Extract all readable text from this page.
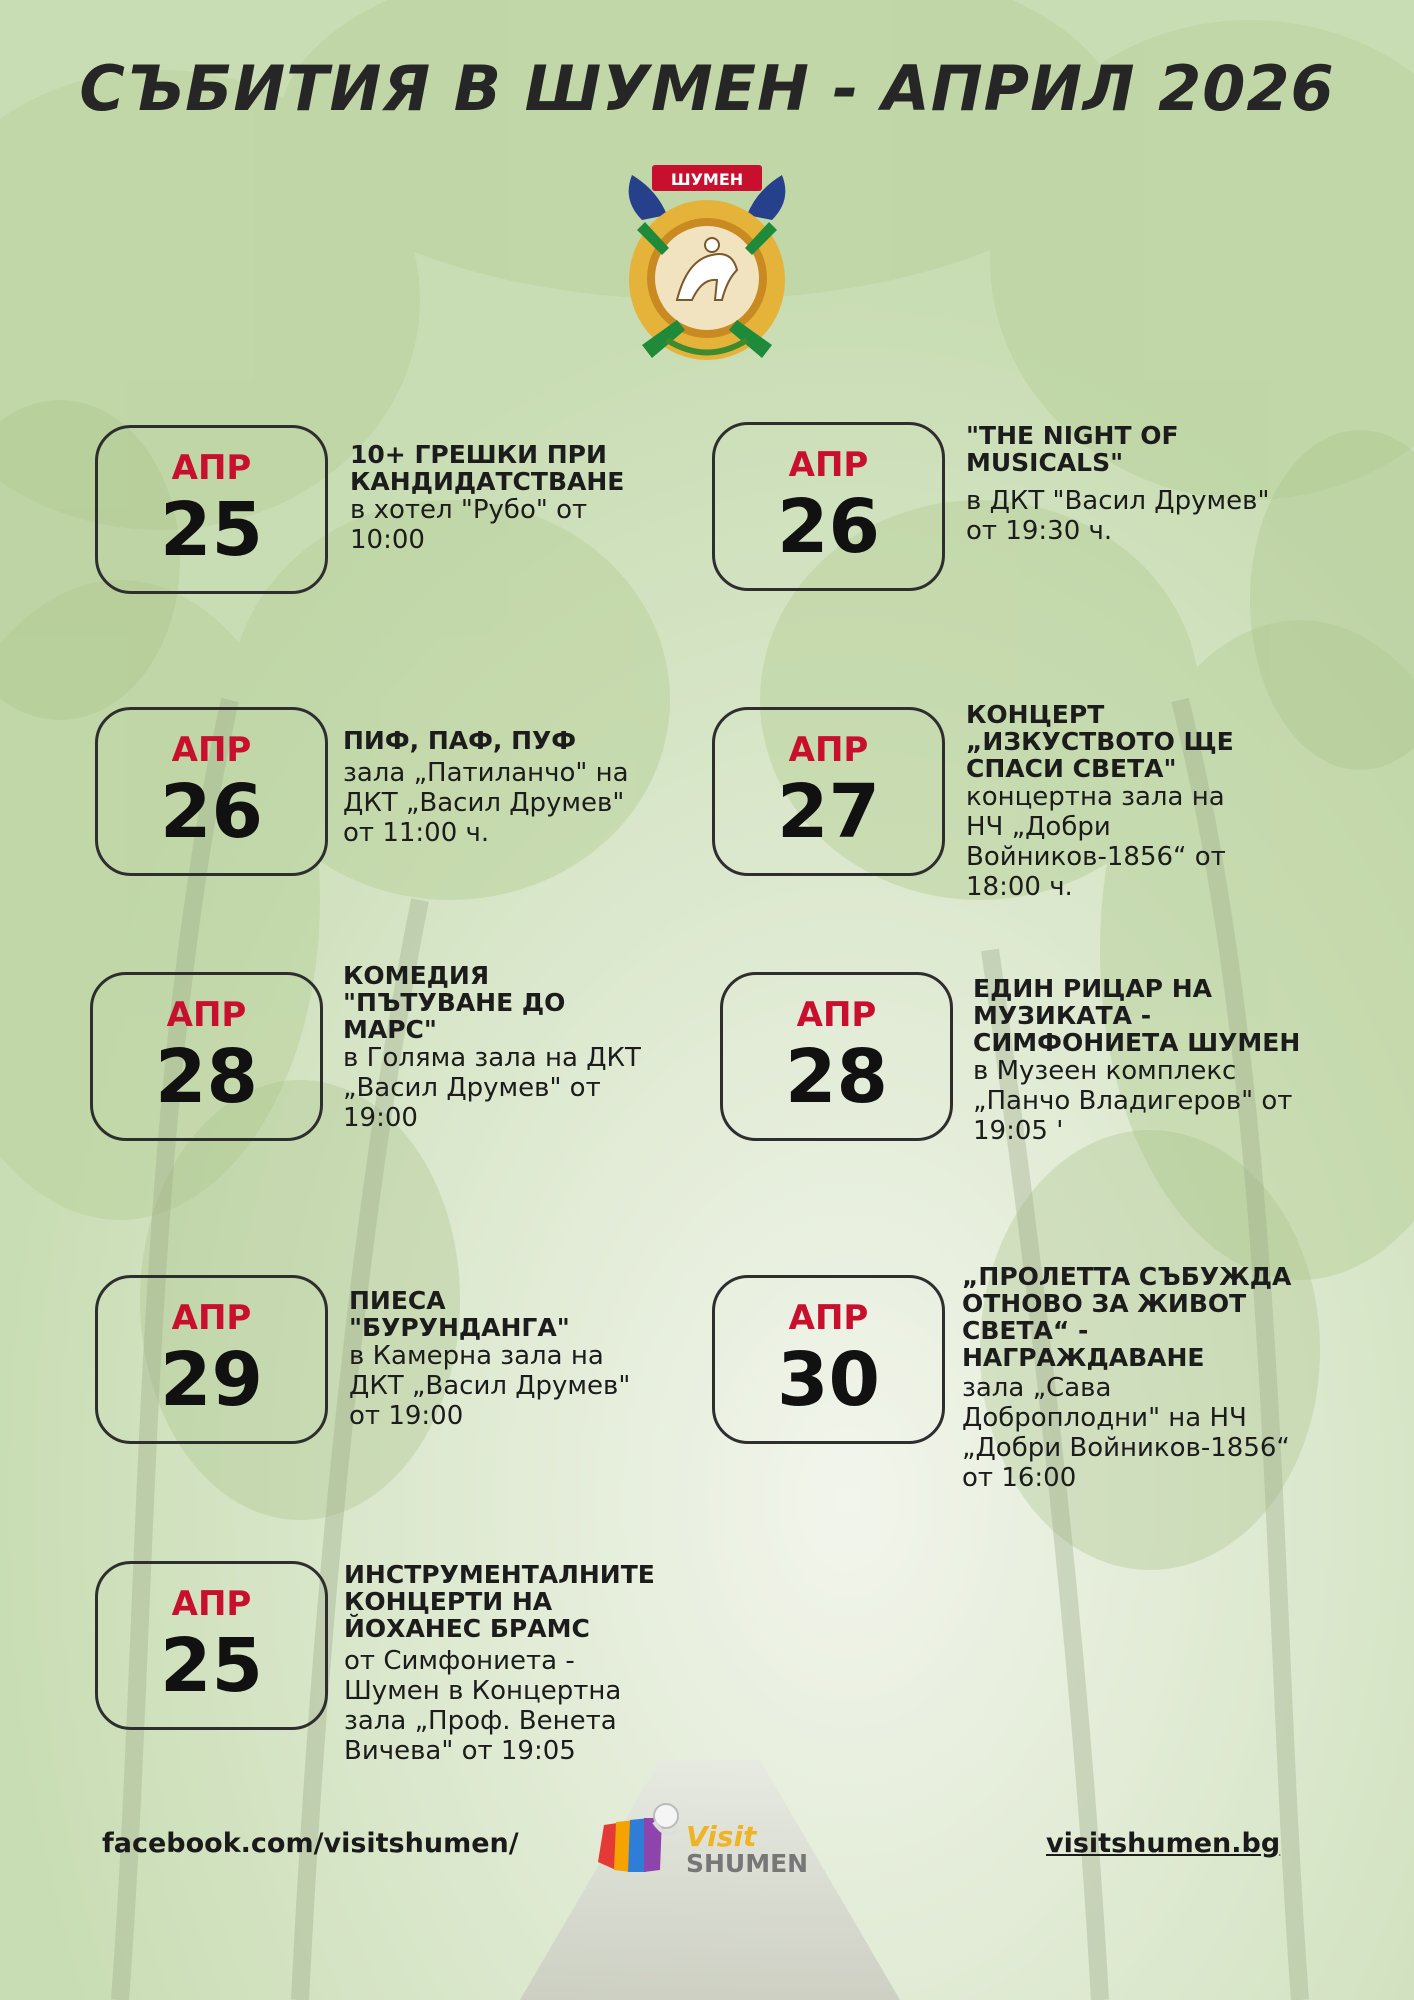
СЪБИТИЯ В ШУМЕН - АПРИЛ 2026
ШУМЕН
АПР
25

10+ ГРЕШКИ ПРИ КАНДИДАТСТВАНЕ

в хотел "Рубо" от 10:00

АПР
26

"THE NIGHT OF MUSICALS"

в ДКТ "Васил Друмев" от 19:30 ч.

АПР
26

ПИФ, ПАФ, ПУФ

зала „Патиланчо" на ДКТ „Васил Друмев" от 11:00 ч.

АПР
27

КОНЦЕРТ „ИЗКУСТВОТО ЩЕ СПАСИ СВЕТА"

концертна зала на НЧ „Добри Войников-1856“ от 18:00 ч.

АПР
28

КОМЕДИЯ "ПЪТУВАНЕ ДО МАРС"

в Голяма зала на ДКТ „Васил Друмев" от 19:00

АПР
28

ЕДИН РИЦАР НА МУЗИКАТА - СИМФОНИЕТА ШУМЕН

в Музеен комплекс „Панчо Владигеров" от 19:05 '

АПР
29

ПИЕСА "БУРУНДАНГА"

в Камерна зала на ДКТ „Васил Друмев" от 19:00

АПР
30

„ПРОЛЕТТА СЪБУЖДА ОТНОВО ЗА ЖИВОТ СВЕТА“ - НАГРАЖДАВАНЕ

зала „Сава Доброплодни" на НЧ „Добри Войников-1856“ от 16:00

АПР
25

ИНСТРУМЕНТАЛНИТЕ КОНЦЕРТИ НА ЙОХАНЕС БРАМС

от Симфониета - Шумен в Концертна зала „Проф. Венета Вичева" от 19:05

facebook.com/visitshumen/	Visit
SHUMEN
visitshumen.bg
